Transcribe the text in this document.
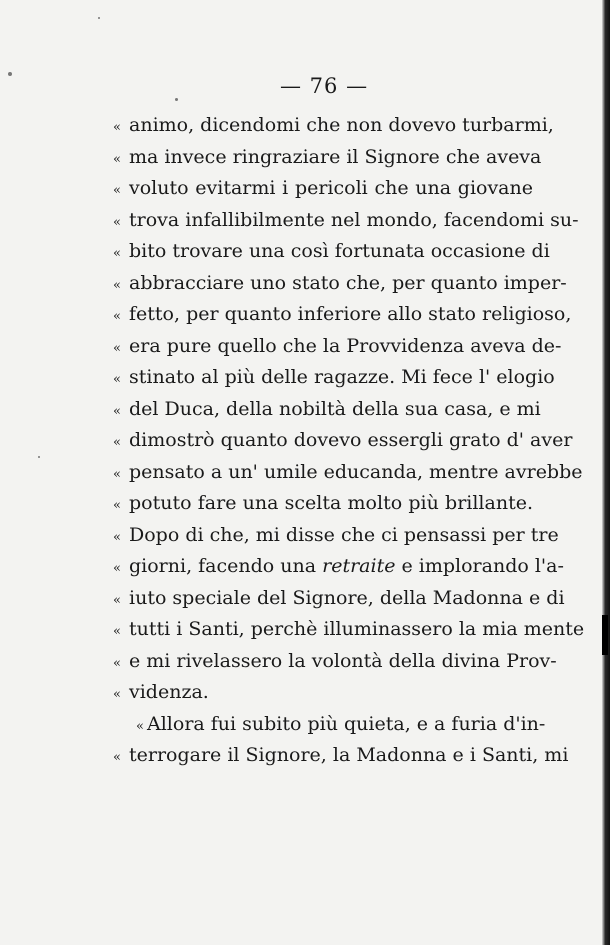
— 76 —
« animo, dicendomi che non dovevo turbarmi,
« ma invece ringraziare il Signore che aveva
« voluto evitarmi i pericoli che una giovane
« trova infallibilmente nel mondo, facendomi su-
« bito trovare una così fortunata occasione di
« abbracciare uno stato che, per quanto imper-
« fetto, per quanto inferiore allo stato religioso,
« era pure quello che la Provvidenza aveva de-
« stinato al più delle ragazze. Mi fece l' elogio
« del Duca, della nobiltà della sua casa, e mi
« dimostrò quanto dovevo essergli grato d' aver
« pensato a un' umile educanda, mentre avrebbe
« potuto fare una scelta molto più brillante.
« Dopo di che, mi disse che ci pensassi per tre
« giorni, facendo una retraite e implorando l'a-
« iuto speciale del Signore, della Madonna e di
« tutti i Santi, perchè illuminassero la mia mente
« e mi rivelassero la volontà della divina Prov-
« videnza.
« Allora fui subito più quieta, e a furia d'in-
« terrogare il Signore, la Madonna e i Santi, mi
